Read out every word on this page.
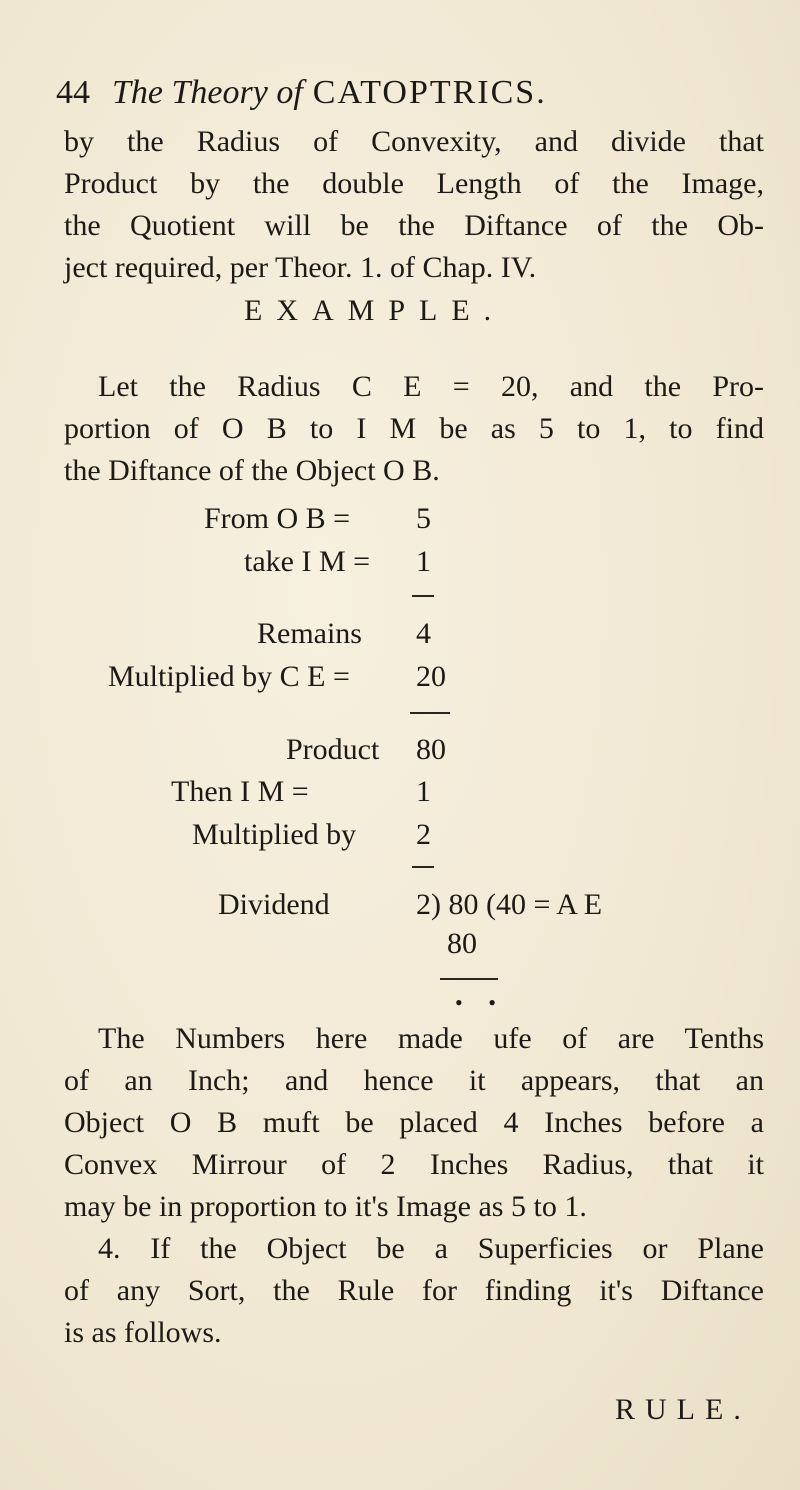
44 The Theory of CATOPTRICS.
by the Radius of Convexity, and divide that
Product by the double Length of the Image,
the Quotient will be the Diftance of the Ob-
ject required, per Theor. 1. of Chap. IV.
EXAMPLE.
Let the Radius C E = 20, and the Pro-
portion of O B to I M be as 5 to 1, to find
the Diftance of the Object O B.
From O B = 5
take I M = 1
Remains 4
Multiplied by C E = 20
Product 80
Then I M =	1
Multiplied by 2
Dividend	2) 80 (40 = A E
80
• •
The Numbers here made ufe of are Tenths
of an Inch; and hence it appears, that an
Object O B muft be placed 4 Inches before a
Convex Mirrour of 2 Inches Radius, that it
may be in proportion to it's Image as 5 to 1.
4. If the Object be a Superficies or Plane
of any Sort, the Rule for finding it's Diftance
is as follows.
RULE.
